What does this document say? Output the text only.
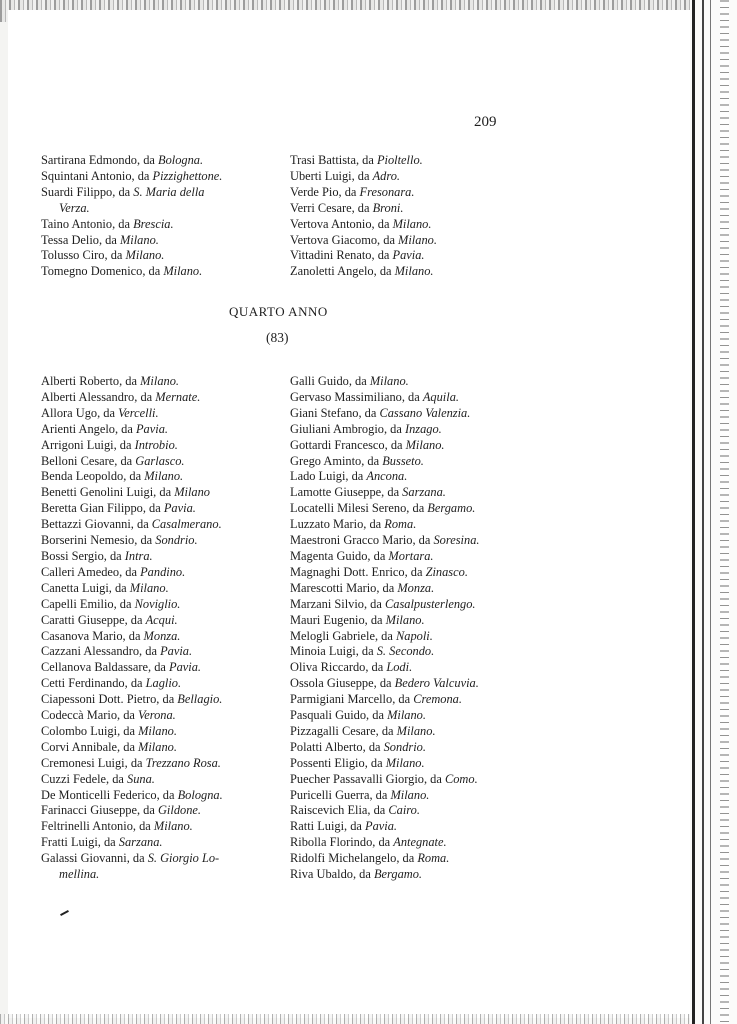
209
Sartirana Edmondo, da Bologna.
Squintani Antonio, da Pizzighettone.
Suardi Filippo, da S. Maria della
Verza.
Taino Antonio, da Brescia.
Tessa Delio, da Milano.
Tolusso Ciro, da Milano.
Tomegno Domenico, da Milano.
Trasi Battista, da Pioltello.
Uberti Luigi, da Adro.
Verde Pio, da Fresonara.
Verri Cesare, da Broni.
Vertova Antonio, da Milano.
Vertova Giacomo, da Milano.
Vittadini Renato, da Pavia.
Zanoletti Angelo, da Milano.
QUARTO ANNO
(83)
Alberti Roberto, da Milano.
Alberti Alessandro, da Mernate.
Allora Ugo, da Vercelli.
Arienti Angelo, da Pavia.
Arrigoni Luigi, da Introbio.
Belloni Cesare, da Garlasco.
Benda Leopoldo, da Milano.
Benetti Genolini Luigi, da Milano
Beretta Gian Filippo, da Pavia.
Bettazzi Giovanni, da Casalmerano.
Borserini Nemesio, da Sondrio.
Bossi Sergio, da Intra.
Calleri Amedeo, da Pandino.
Canetta Luigi, da Milano.
Capelli Emilio, da Noviglio.
Caratti Giuseppe, da Acqui.
Casanova Mario, da Monza.
Cazzani Alessandro, da Pavia.
Cellanova Baldassare, da Pavia.
Cetti Ferdinando, da Laglio.
Ciapessoni Dott. Pietro, da Bellagio.
Codeccà Mario, da Verona.
Colombo Luigi, da Milano.
Corvi Annibale, da Milano.
Cremonesi Luigi, da Trezzano Rosa.
Cuzzi Fedele, da Suna.
De Monticelli Federico, da Bologna.
Farinacci Giuseppe, da Gildone.
Feltrinelli Antonio, da Milano.
Fratti Luigi, da Sarzana.
Galassi Giovanni, da S. Giorgio Lo-
mellina.
Galli Guido, da Milano.
Gervaso Massimiliano, da Aquila.
Giani Stefano, da Cassano Valenzia.
Giuliani Ambrogio, da Inzago.
Gottardi Francesco, da Milano.
Grego Aminto, da Busseto.
Lado Luigi, da Ancona.
Lamotte Giuseppe, da Sarzana.
Locatelli Milesi Sereno, da Bergamo.
Luzzato Mario, da Roma.
Maestroni Gracco Mario, da Soresina.
Magenta Guido, da Mortara.
Magnaghi Dott. Enrico, da Zinasco.
Marescotti Mario, da Monza.
Marzani Silvio, da Casalpusterlengo.
Mauri Eugenio, da Milano.
Melogli Gabriele, da Napoli.
Minoia Luigi, da S. Secondo.
Oliva Riccardo, da Lodi.
Ossola Giuseppe, da Bedero Valcuvia.
Parmigiani Marcello, da Cremona.
Pasquali Guido, da Milano.
Pizzagalli Cesare, da Milano.
Polatti Alberto, da Sondrio.
Possenti Eligio, da Milano.
Puecher Passavalli Giorgio, da Como.
Puricelli Guerra, da Milano.
Raiscevich Elia, da Cairo.
Ratti Luigi, da Pavia.
Ribolla Florindo, da Antegnate.
Ridolfi Michelangelo, da Roma.
Riva Ubaldo, da Bergamo.
